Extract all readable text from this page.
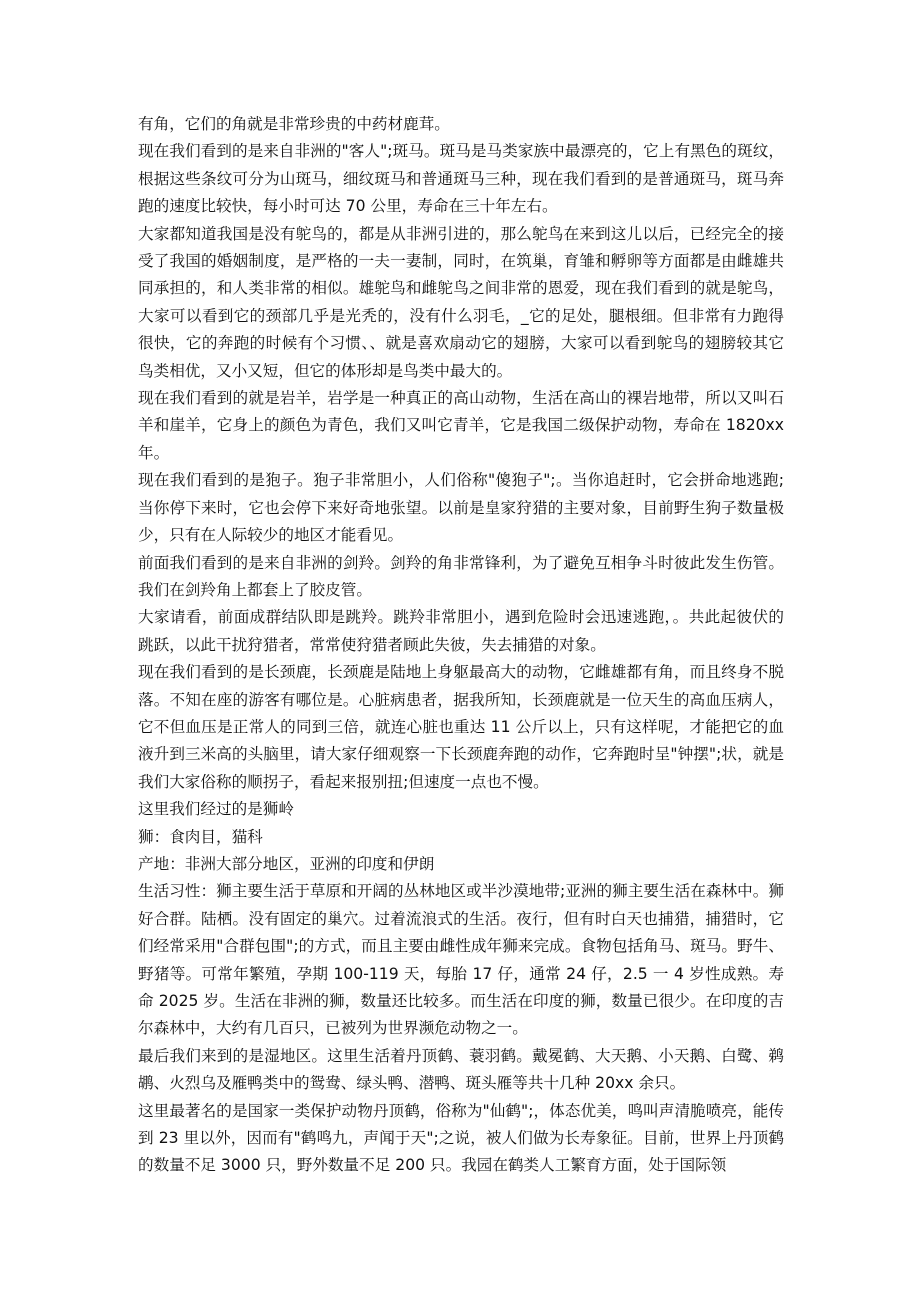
有角，它们的角就是非常珍贵的中药材鹿茸。

现在我们看到的是来自非洲的"客人";斑马。斑马是马类家族中最漂亮的，它上有黑色的斑纹，根据这些条纹可分为山斑马，细纹斑马和普通斑马三种，现在我们看到的是普通斑马，斑马奔跑的速度比较快，每小时可达 70 公里，寿命在三十年左右。

大家都知道我国是没有鸵鸟的，都是从非洲引进的，那么鸵鸟在来到这儿以后，已经完全的接受了我国的婚姻制度，是严格的一夫一妻制，同时，在筑巢，育雏和孵卵等方面都是由雌雄共同承担的，和人类非常的相似。雄鸵鸟和雌鸵鸟之间非常的恩爱，现在我们看到的就是鸵鸟，大家可以看到它的颈部几乎是光秃的，没有什么羽毛，_它的足处，腿根细。但非常有力跑得很快，它的奔跑的时候有个习惯、、就是喜欢扇动它的翅膀，大家可以看到鸵鸟的翅膀较其它鸟类相优，又小又短，但它的体形却是鸟类中最大的。

现在我们看到的就是岩羊，岩学是一种真正的高山动物，生活在高山的裸岩地带，所以又叫石羊和崖羊，它身上的颜色为青色，我们又叫它青羊，它是我国二级保护动物，寿命在 1820xx 年。

现在我们看到的是狍子。狍子非常胆小，人们俗称"傻狍子";。当你追赶时，它会拼命地逃跑;当你停下来时，它也会停下来好奇地张望。以前是皇家狩猎的主要对象，目前野生狗子数量极少，只有在人际较少的地区才能看见。

前面我们看到的是来自非洲的剑羚。剑羚的角非常锋利，为了避免互相争斗时彼此发生伤管。我们在剑羚角上都套上了胶皮管。

大家请看，前面成群结队即是跳羚。跳羚非常胆小，遇到危险时会迅速逃跑，。共此起彼伏的跳跃，以此干扰狩猎者，常常使狩猎者顾此失彼，失去捕猎的对象。

现在我们看到的是长颈鹿，长颈鹿是陆地上身躯最高大的动物，它雌雄都有角，而且终身不脱落。不知在座的游客有哪位是。心脏病患者，据我所知，长颈鹿就是一位天生的高血压病人，它不但血压是正常人的同到三倍，就连心脏也重达 11 公斤以上，只有这样呢，才能把它的血液升到三米高的头脑里，请大家仔细观察一下长颈鹿奔跑的动作，它奔跑时呈"钟摆";状，就是我们大家俗称的顺拐子，看起来报别扭;但速度一点也不慢。

这里我们经过的是狮岭

狮：食肉目，猫科

产地：非洲大部分地区，亚洲的印度和伊朗

生活习性：狮主要生活于草原和开阔的丛林地区或半沙漠地带;亚洲的狮主要生活在森林中。狮好合群。陆栖。没有固定的巢穴。过着流浪式的生活。夜行，但有时白天也捕猎，捕猎时，它们经常采用"合群包围";的方式，而且主要由雌性成年狮来完成。食物包括角马、斑马。野牛、野猪等。可常年繁殖，孕期 100-119 天，每胎 17 仔，通常 24 仔，2.5 一 4 岁性成熟。寿命 2025 岁。生活在非洲的狮，数量还比较多。而生活在印度的狮，数量已很少。在印度的吉尔森林中，大约有几百只，已被列为世界濒危动物之一。

最后我们来到的是湿地区。这里生活着丹顶鹤、蓑羽鹤。戴冕鹤、大天鹅、小天鹅、白鹭、鹈鹕、火烈乌及雁鸭类中的鸳鸯、绿头鸭、潜鸭、斑头雁等共十几种 20xx 余只。

这里最著名的是国家一类保护动物丹顶鹤，俗称为"仙鹤";，体态优美，鸣叫声清脆喷亮，能传到 23 里以外，因而有"鹤鸣九，声闻于天";之说，被人们做为长寿象征。目前，世界上丹顶鹤的数量不足 3000 只，野外数量不足 200 只。我园在鹤类人工繁育方面，处于国际领
